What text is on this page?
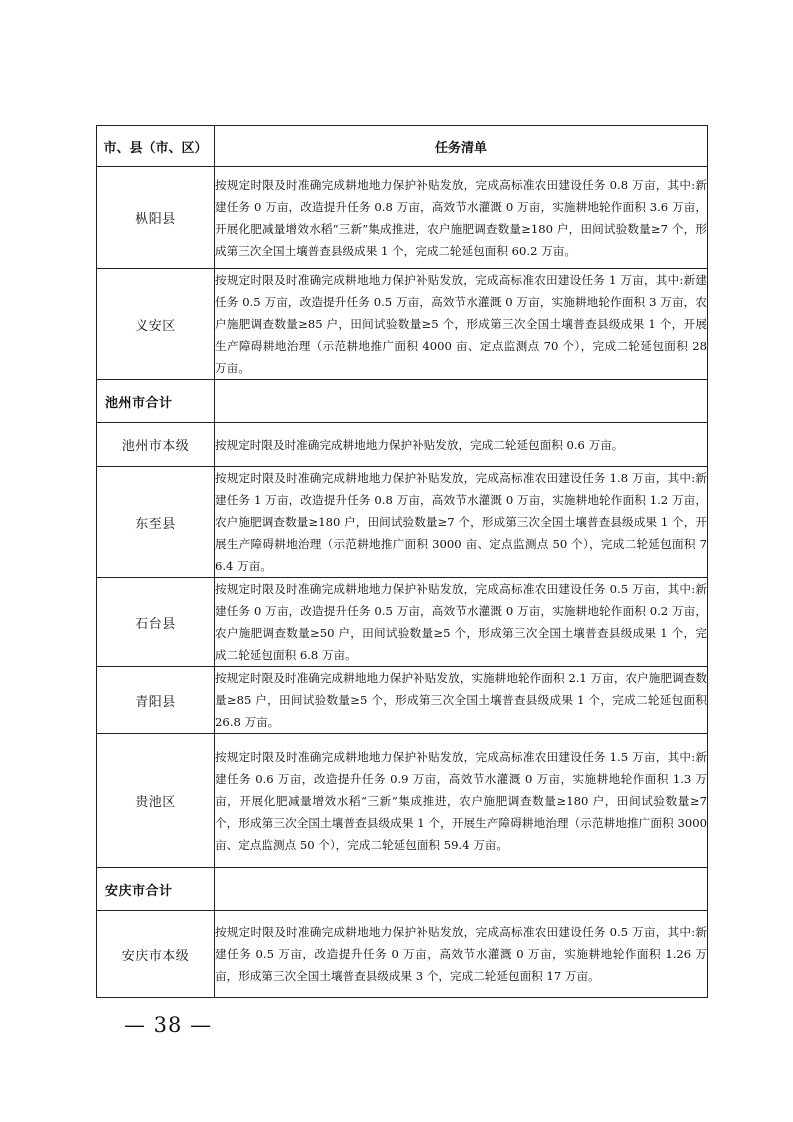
市、县（市、区）	任务清单
枞阳县	按规定时限及时准确完成耕地地力保护补贴发放，完成高标准农田建设任务 0.8 万亩，其中:新建任务 0 万亩，改造提升任务 0.8 万亩，高效节水灌溉 0 万亩，实施耕地轮作面积 3.6 万亩，开展化肥减量增效水稻“三新”集成推进，农户施肥调查数量≥180 户，田间试验数量≥7 个，形成第三次全国土壤普查县级成果 1 个，完成二轮延包面积 60.2 万亩。
义安区	按规定时限及时准确完成耕地地力保护补贴发放，完成高标准农田建设任务 1 万亩，其中:新建任务 0.5 万亩，改造提升任务 0.5 万亩，高效节水灌溉 0 万亩，实施耕地轮作面积 3 万亩，农户施肥调查数量≥85 户，田间试验数量≥5 个，形成第三次全国土壤普查县级成果 1 个，开展生产障碍耕地治理（示范耕地推广面积 4000 亩、定点监测点 70 个），完成二轮延包面积 28 万亩。
池州市合计	
池州市本级	按规定时限及时准确完成耕地地力保护补贴发放，完成二轮延包面积 0.6 万亩。
东至县	按规定时限及时准确完成耕地地力保护补贴发放，完成高标准农田建设任务 1.8 万亩，其中:新建任务 1 万亩，改造提升任务 0.8 万亩，高效节水灌溉 0 万亩，实施耕地轮作面积 1.2 万亩，农户施肥调查数量≥180 户，田间试验数量≥7 个，形成第三次全国土壤普查县级成果 1 个，开展生产障碍耕地治理（示范耕地推广面积 3000 亩、定点监测点 50 个），完成二轮延包面积 76.4 万亩。
石台县	按规定时限及时准确完成耕地地力保护补贴发放，完成高标准农田建设任务 0.5 万亩，其中:新建任务 0 万亩，改造提升任务 0.5 万亩，高效节水灌溉 0 万亩，实施耕地轮作面积 0.2 万亩，农户施肥调查数量≥50 户，田间试验数量≥5 个，形成第三次全国土壤普查县级成果 1 个，完成二轮延包面积 6.8 万亩。
青阳县	按规定时限及时准确完成耕地地力保护补贴发放，实施耕地轮作面积 2.1 万亩，农户施肥调查数量≥85 户，田间试验数量≥5 个，形成第三次全国土壤普查县级成果 1 个，完成二轮延包面积 26.8 万亩。
贵池区	按规定时限及时准确完成耕地地力保护补贴发放，完成高标准农田建设任务 1.5 万亩，其中:新建任务 0.6 万亩，改造提升任务 0.9 万亩，高效节水灌溉 0 万亩，实施耕地轮作面积 1.3 万亩，开展化肥减量增效水稻“三新”集成推进，农户施肥调查数量≥180 户，田间试验数量≥7 个，形成第三次全国土壤普查县级成果 1 个，开展生产障碍耕地治理（示范耕地推广面积 3000 亩、定点监测点 50 个），完成二轮延包面积 59.4 万亩。
安庆市合计	
安庆市本级	按规定时限及时准确完成耕地地力保护补贴发放，完成高标准农田建设任务 0.5 万亩，其中:新建任务 0.5 万亩，改造提升任务 0 万亩，高效节水灌溉 0 万亩，实施耕地轮作面积 1.26 万亩，形成第三次全国土壤普查县级成果 3 个，完成二轮延包面积 17 万亩。
— 38 —
